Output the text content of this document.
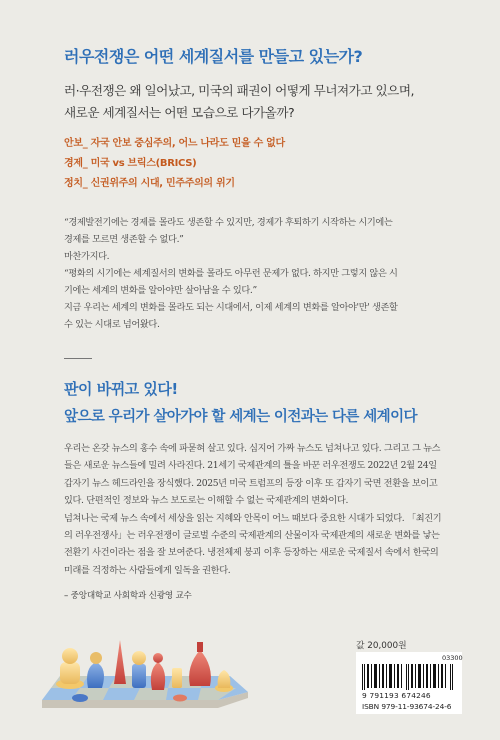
러우전쟁은 어떤 세계질서를 만들고 있는가?
러·우전쟁은 왜 일어났고, 미국의 패권이 어떻게 무너져가고 있으며,
새로운 세계질서는 어떤 모습으로 다가올까?
안보_ 자국 안보 중심주의, 어느 나라도 믿을 수 없다
경제_ 미국 vs 브릭스(BRICS)
정치_ 신권위주의 시대, 민주주의의 위기
“경제발전기에는 경제를 몰라도 생존할 수 있지만, 경제가 후퇴하기 시작하는 시기에는
경제를 모르면 생존할 수 없다.”
마찬가지다.
“평화의 시기에는 세계질서의 변화를 몰라도 아무런 문제가 없다. 하지만 그렇지 않은 시
기에는 세계의 변화를 알아야만 살아남을 수 있다.”
지금 우리는 세계의 변화를 몰라도 되는 시대에서, 이제 세계의 변화를 알아야'만' 생존할
수 있는 시대로 넘어왔다.
판이 바뀌고 있다!
앞으로 우리가 살아가야 할 세계는 이전과는 다른 세계이다
우리는 온갖 뉴스의 홍수 속에 파묻혀 살고 있다. 심지어 가짜 뉴스도 넘쳐나고 있다. 그리고 그 뉴스
들은 새로운 뉴스들에 밀려 사라진다. 21세기 국제관계의 틀을 바꾼 러우전쟁도 2022년 2월 24일
갑자기 뉴스 헤드라인을 장식했다. 2025년 미국 트럼프의 등장 이후 또 갑자기 국면 전환을 보이고
있다. 단편적인 정보와 뉴스 보도로는 이해할 수 없는 국제관계의 변화이다.
넘쳐나는 국제 뉴스 속에서 세상을 읽는 지혜와 안목이 어느 때보다 중요한 시대가 되었다. 「최진기
의 러우전쟁사」는 러우전쟁이 글로벌 수준의 국제관계의 산물이자 국제관계의 새로운 변화를 낳는
전환기 사건이라는 점을 잘 보여준다. 냉전체제 붕괴 이후 등장하는 새로운 국제질서 속에서 한국의
미래를 걱정하는 사람들에게 일독을 권한다.
– 중앙대학교 사회학과 신광영 교수
값 20,000원
03300
9 791193 674246
ISBN 979-11-93674-24-6
